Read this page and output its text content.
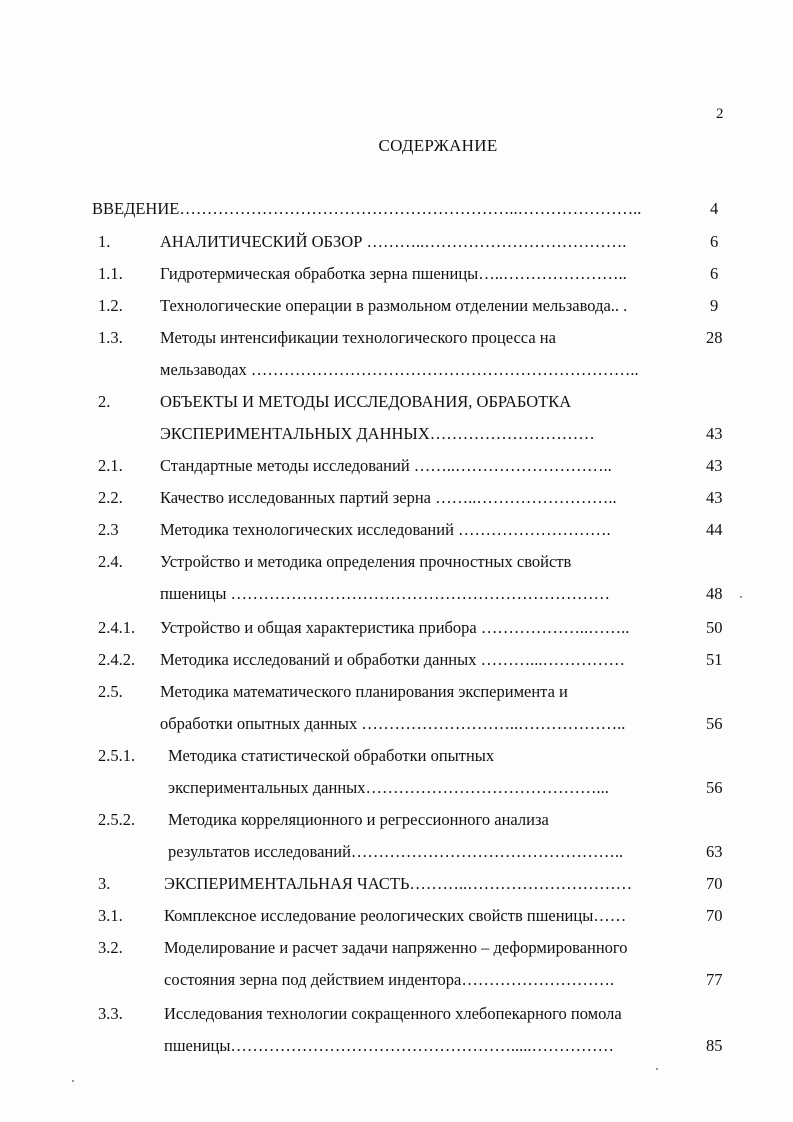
2
СОДЕРЖАНИЕ
ВВЕДЕНИЕ……………………………………………………..…………………..	4
1.	АНАЛИТИЧЕСКИЙ ОБЗОР ………..……………………………….	6
1.1. Гидротермическая обработка зерна пшеницы…..…………………..	6
1.2. Технологические операции в размольном отделении мельзавода.. .	9
1.3. Методы интенсификации технологического процесса на	28
мельзаводах ……………………………………………………………..
2.	ОБЪЕКТЫ И МЕТОДЫ ИССЛЕДОВАНИЯ, ОБРАБОТКА
ЭКСПЕРИМЕНТАЛЬНЫХ ДАННЫХ…………………………	43
2.1. Стандартные методы исследований ……..………………………..	43
2.2. Качество исследованных партий зерна ……..……………………..	43
2.3	Методика технологических исследований ……………………….	44
2.4. Устройство и методика определения прочностных свойств
пшеницы ……………………………………………………………	48
2.4.1. Устройство и общая характеристика прибора ………………..……..	50
2.4.2. Методика исследований и обработки данных ………...……………	51
2.5. Методика математического планирования эксперимента и
обработки опытных данных ………………………..………………..	56
2.5.1. Методика статистической обработки опытных
экспериментальных данных……………………………………...	56
2.5.2. Методика корреляционного и регрессионного анализа
результатов исследований…………………………………………..	63
3.	ЭКСПЕРИМЕНТАЛЬНАЯ ЧАСТЬ………..…………………………	70
3.1.	Комплексное исследование реологических свойств пшеницы……	70
3.2.	Моделирование и расчет задачи напряженно – деформированного
состояния зерна под действием индентора……………………….	77
3.3.	Исследования технологии сокращенного хлебопекарного помола
пшеницы…………………………………………….....……………	85
